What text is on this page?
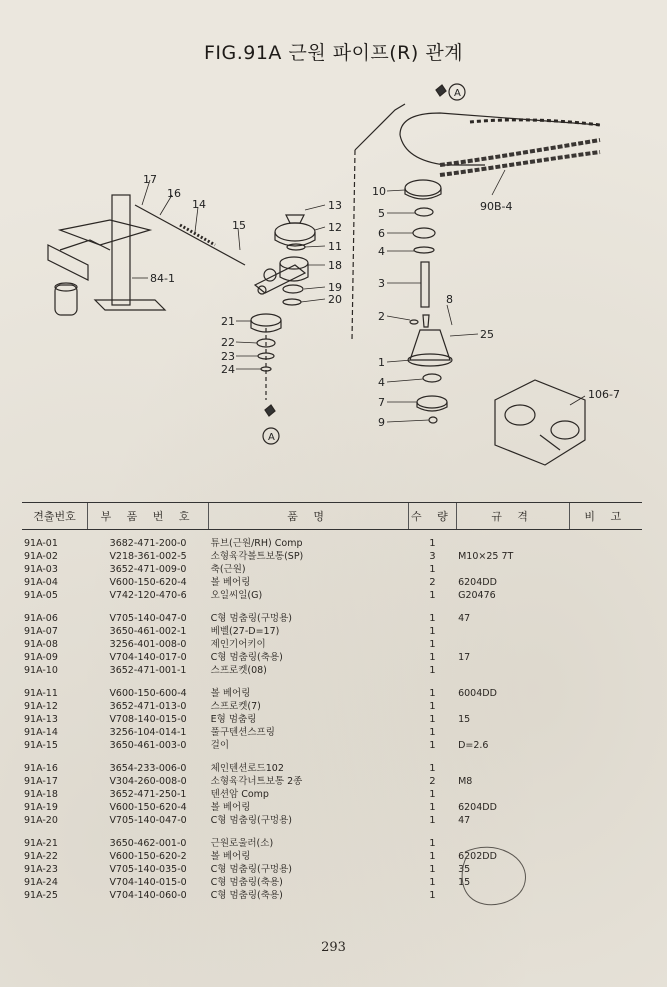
FIG.91A 근원 파이프(R) 관계
A
A
17
16
14
15
84-1
13
12
11
18
19
20
21
22
23
24
10
5
6
4
3
8
2
25
1
4
7
9
90B-4
106-7
견출번호	부 품 번 호	품 명	수 량	규 격	비 고

91A-01	3682-471-200-0	튜브(근원/RH) Comp	1		
91A-02	V218-361-002-5	소형육각볼트보통(SP)	3	M10×25 7T	
91A-03	3652-471-009-0	축(근원)	1		
91A-04	V600-150-620-4	볼 베어링	2	6204DD	
91A-05	V742-120-470-6	오일씨일(G)	1	G20476	

91A-06	V705-140-047-0	C형 멈춤링(구멍용)	1	47	
91A-07	3650-461-002-1	베벨(27-D=17)	1		
91A-08	3256-401-008-0	제인기어키이	1		
91A-09	V704-140-017-0	C형 멈춤링(축용)	1	17	
91A-10	3652-471-001-1	스프로켓(08)	1		

91A-11	V600-150-600-4	볼 베어링	1	6004DD	
91A-12	3652-471-013-0	스프로켓(7)	1		
91A-13	V708-140-015-0	E형 멈춤링	1	15	
91A-14	3256-104-014-1	풀구텐션스프링	1		
91A-15	3650-461-003-0	걸이	1	D=2.6	

91A-16	3654-233-006-0	체인텐션로드102	1		
91A-17	V304-260-008-0	소형육각너트보통 2종	2	M8	
91A-18	3652-471-250-1	텐션암 Comp	1		
91A-19	V600-150-620-4	볼 베어링	1	6204DD	
91A-20	V705-140-047-0	C형 멈춤링(구멍용)	1	47	

91A-21	3650-462-001-0	근원로울러(소)	1		
91A-22	V600-150-620-2	볼 베어링	1	6202DD	
91A-23	V705-140-035-0	C형 멈춤링(구멍용)	1	35	
91A-24	V704-140-015-0	C형 멈춤링(축용)	1	15	
91A-25	V704-140-060-0	C형 멈춤링(축용)	1		
293
